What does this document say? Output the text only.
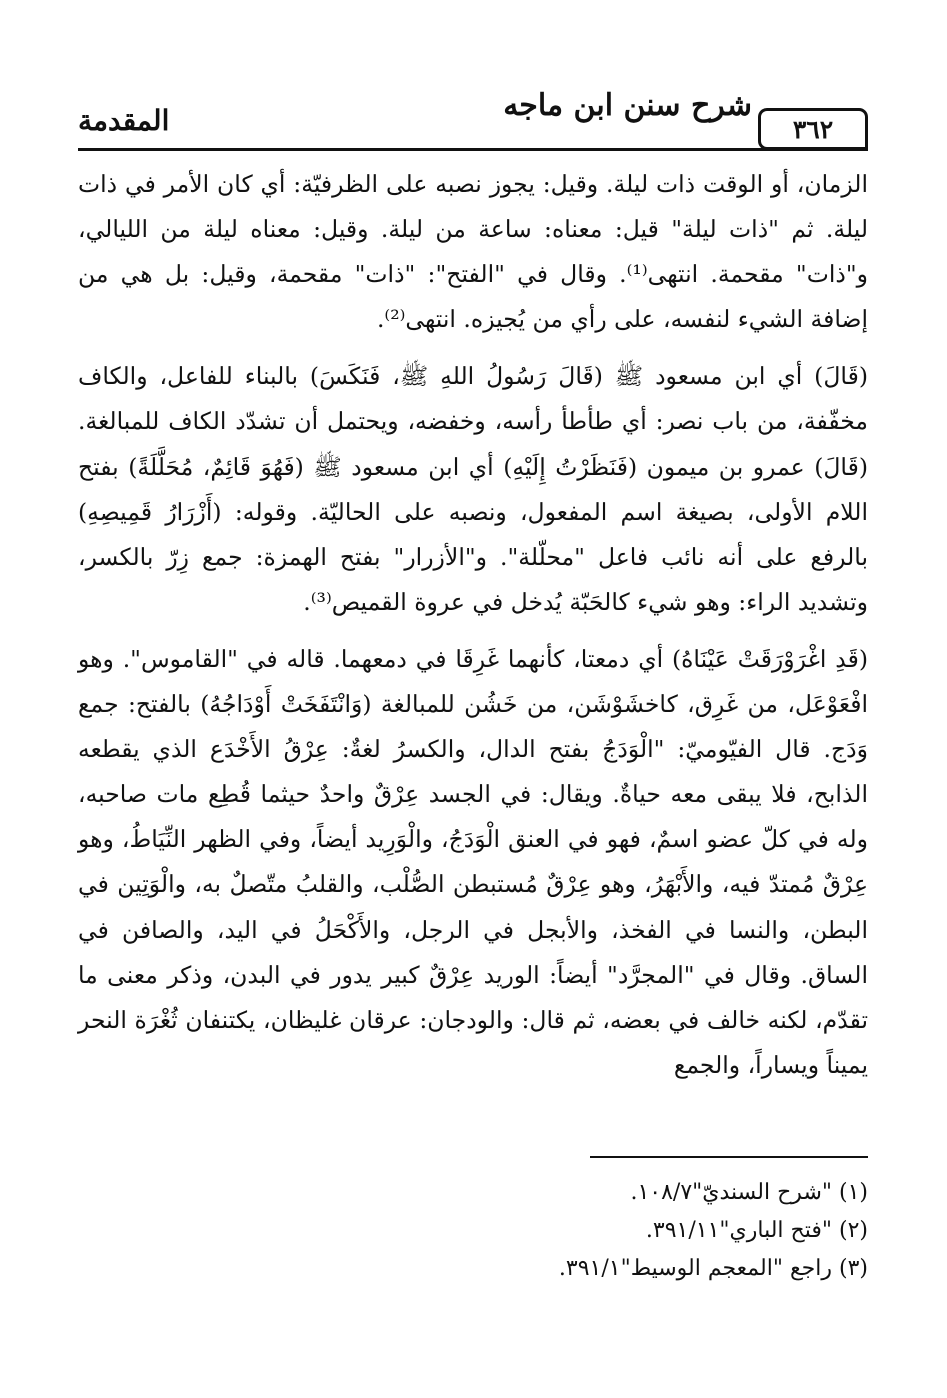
٣٦٢
شرح سنن ابن ماجه
المقدمة

الزمان، أو الوقت ذات ليلة. وقيل: يجوز نصبه على الظرفيّة: أي كان الأمر في ذات ليلة. ثم "ذات ليلة" قيل: معناه: ساعة من ليلة. وقيل: معناه ليلة من الليالي، و"ذات" مقحمة. انتهى⁽¹⁾. وقال في "الفتح": "ذات" مقحمة، وقيل: بل هي من إضافة الشيء لنفسه، على رأي من يُجيزه. انتهى⁽²⁾.

(قَالَ) أي ابن مسعود ﷺ (قَالَ رَسُولُ اللهِ ﷺ، فَنَكَسَ) بالبناء للفاعل، والكاف مخفّفة، من باب نصر: أي طأطأ رأسه، وخفضه، ويحتمل أن تشدّد الكاف للمبالغة. (قَالَ) عمرو بن ميمون (فَنَظَرْتُ إِلَيْهِ) أي ابن مسعود ﷺ (فَهُوَ قَائِمٌ، مُحَلَّلَةً) بفتح اللام الأولى، بصيغة اسم المفعول، ونصبه على الحاليّة. وقوله: (أَزْرَارُ قَمِيصِهِ) بالرفع على أنه نائب فاعل "محلّلة". و"الأزرار" بفتح الهمزة: جمع زِرّ بالكسر، وتشديد الراء: وهو شيء كالحَبّة يُدخل في عروة القميص⁽³⁾.

(قَدِ اغْرَوْرَقَتْ عَيْنَاهُ) أي دمعتا، كأنهما غَرِقَا في دمعهما. قاله في "القاموس". وهو افْعَوْعَل، من غَرِق، كاخشَوْشَن، من خَشُن للمبالغة (وَانْتَفَخَتْ أَوْدَاجُهُ) بالفتح: جمع وَدَج. قال الفيّوميّ: "الْوَدَجُ بفتح الدال، والكسرُ لغةٌ: عِرْقُ الأَخْدَع الذي يقطعه الذابح، فلا يبقى معه حياةٌ. ويقال: في الجسد عِرْقٌ واحدٌ حيثما قُطِع مات صاحبه، وله في كلّ عضو اسمٌ، فهو في العنق الْوَدَجُ، والْوَرِيد أيضاً، وفي الظهر النِّيَاطُ، وهو عِرْقٌ مُمتدّ فيه، والأَبْهَرُ، وهو عِرْقٌ مُستبطن الصُّلْب، والقلبُ متّصلٌ به، والْوَتِين في البطن، والنسا في الفخذ، والأبجل في الرجل، والأَكْحَلُ في اليد، والصافن في الساق. وقال في "المجرَّد" أيضاً: الوريد عِرْقٌ كبير يدور في البدن، وذكر معنى ما تقدّم، لكنه خالف في بعضه، ثم قال: والودجان: عرقان غليظان، يكتنفان ثُغْرَة النحر يميناً ويساراً، والجمع

(١) "شرح السنديّ"١٠٨/٧.
(٢) "فتح الباري"٣٩١/١١.
(٣) راجع "المعجم الوسيط"٣٩١/١.
